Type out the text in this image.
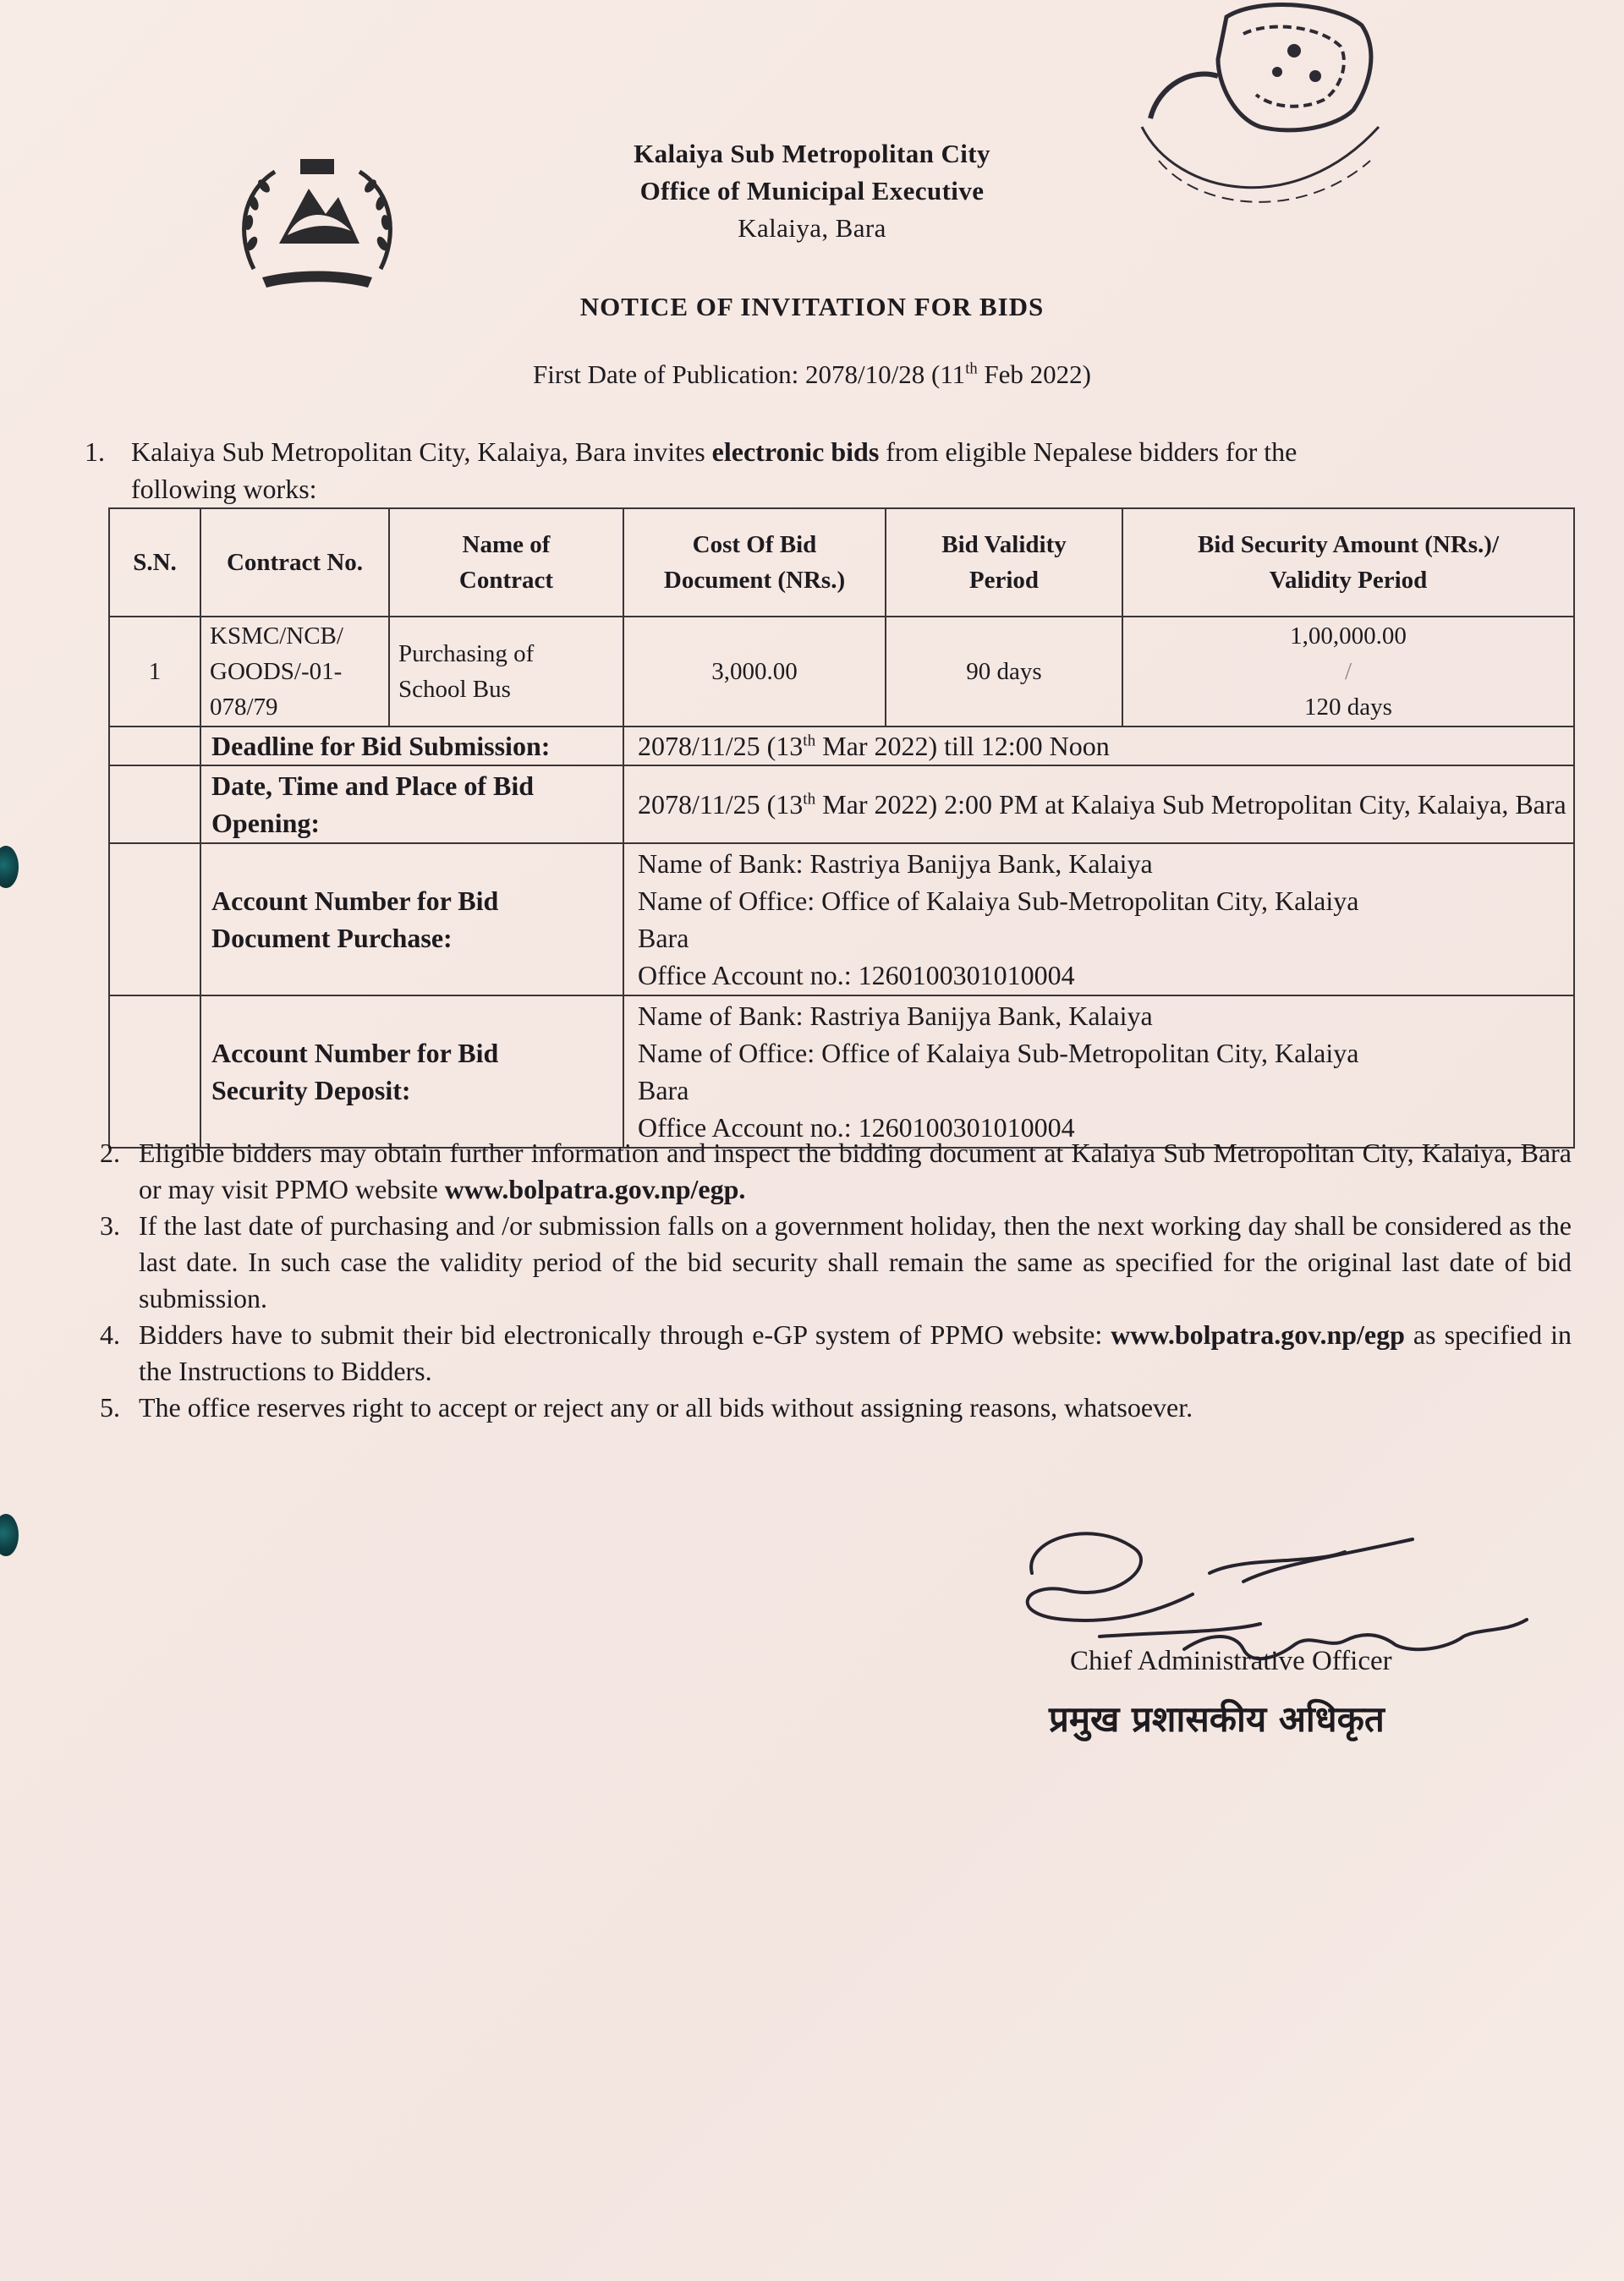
Kalaiya Sub Metropolitan City
Office of Municipal Executive
Kalaiya, Bara
NOTICE OF INVITATION FOR BIDS
First Date of Publication: 2078/10/28 (11th Feb 2022)
1. Kalaiya Sub Metropolitan City, Kalaiya, Bara invites electronic bids from eligible Nepalese bidders for the
following works:
S.N.	Contract No.	Name of Contract	Cost Of Bid Document (NRs.)	Bid Validity Period	Bid Security Amount (NRs.)/ Validity Period
1	KSMC/NCB/ GOODS/-01- 078/79	Purchasing of School Bus	3,000.00	90 days	1,00,000.00
/
120 days

	Deadline for Bid Submission:		2078/11/25 (13th Mar 2022) till 12:00 Noon		
	Date, Time and Place of Bid Opening:		2078/11/25 (13th Mar 2022) 2:00 PM at Kalaiya Sub Metropolitan City, Kalaiya, Bara		
	Account Number for Bid Document Purchase:		Name of Bank: Rastriya Banijya Bank, Kalaiya
Name of Office: Office of Kalaiya Sub-Metropolitan City, Kalaiya
Bara
Office Account no.: 1260100301010004		

	Account Number for Bid Security Deposit:		Name of Bank: Rastriya Banijya Bank, Kalaiya
Name of Office: Office of Kalaiya Sub-Metropolitan City, Kalaiya
Bara
Office Account no.: 1260100301010004		
2. Eligible bidders may obtain further information and inspect the bidding document at Kalaiya Sub Metropolitan City, Kalaiya, Bara or may visit PPMO website www.bolpatra.gov.np/egp.
3. If the last date of purchasing and /or submission falls on a government holiday, then the next working day shall be considered as the last date. In such case the validity period of the bid security shall remain the same as specified for the original last date of bid submission.
4. Bidders have to submit their bid electronically through e-GP system of PPMO website: www.bolpatra.gov.np/egp as specified in the Instructions to Bidders.
5. The office reserves right to accept or reject any or all bids without assigning reasons, whatsoever.
Chief Administrative Officer
प्रमुख प्रशासकीय अधिकृत
